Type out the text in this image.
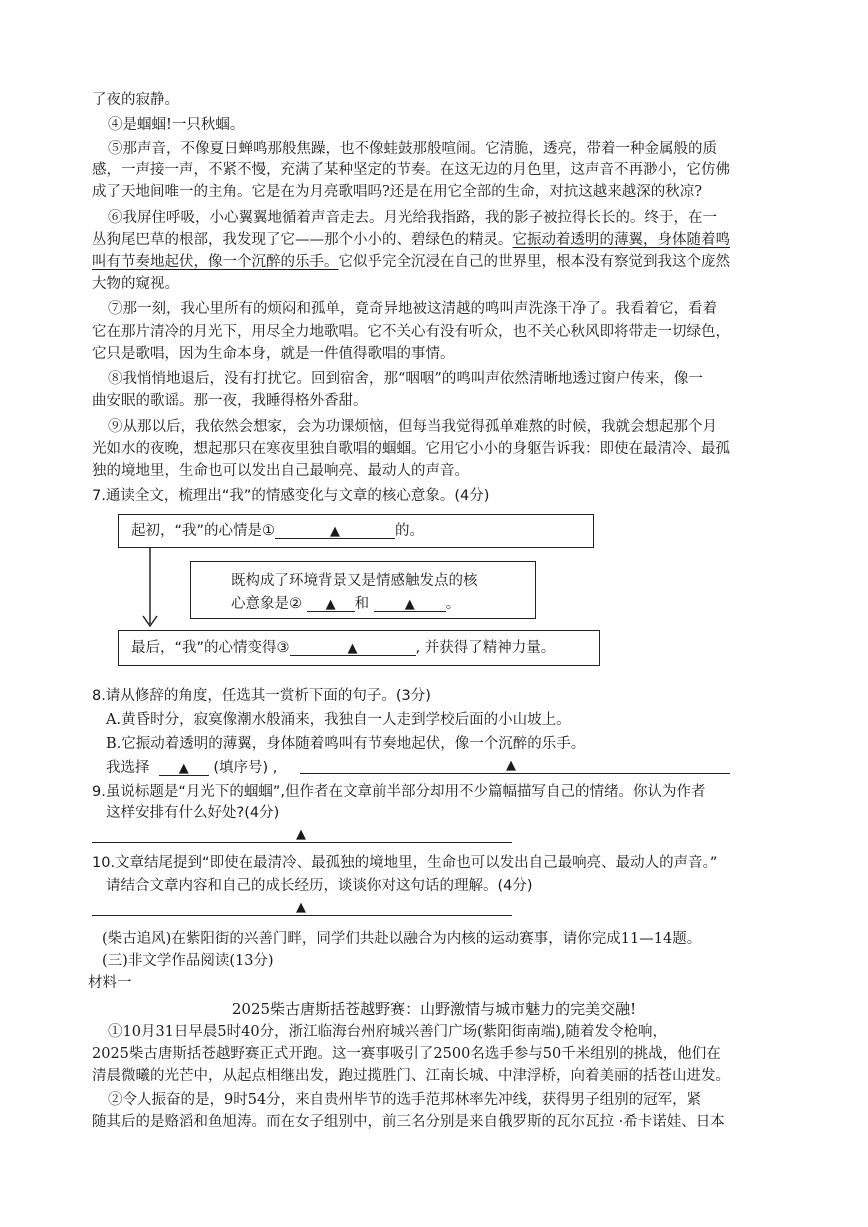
了夜的寂静。
④是蝈蝈!一只秋蝈。
⑤那声音，不像夏日蝉鸣那般焦躁，也不像蛙鼓那般喧闹。它清脆，透亮，带着一种金属般的质
感，一声接一声，不紧不慢，充满了某种坚定的节奏。在这无边的月色里，这声音不再渺小，它仿佛
成了天地间唯一的主角。它是在为月亮歌唱吗?还是在用它全部的生命，对抗这越来越深的秋凉?
⑥我屏住呼吸，小心翼翼地循着声音走去。月光给我指路，我的影子被拉得长长的。终于，在一
丛狗尾巴草的根部，我发现了它——那个小小的、碧绿色的精灵。它振动着透明的薄翼，身体随着鸣
叫有节奏地起伏，像一个沉醉的乐手。它似乎完全沉浸在自己的世界里，根本没有察觉到我这个庞然
大物的窥视。
⑦那一刻，我心里所有的烦闷和孤单，竟奇异地被这清越的鸣叫声洗涤干净了。我看着它，看着
它在那片清冷的月光下，用尽全力地歌唱。它不关心有没有听众，也不关心秋风即将带走一切绿色，
它只是歌唱，因为生命本身，就是一件值得歌唱的事情。
⑧我悄悄地退后，没有打扰它。回到宿舍，那“咽咽”的鸣叫声依然清晰地透过窗户传来，像一
曲安眠的歌谣。那一夜，我睡得格外香甜。
⑨从那以后，我依然会想家，会为功课烦恼，但每当我觉得孤单难熬的时候，我就会想起那个月
光如水的夜晚，想起那只在寒夜里独自歌唱的蝈蝈。它用它小小的身躯告诉我：即使在最清冷、最孤
独的境地里，生命也可以发出自己最响亮、最动人的声音。
7.通读全文，梳理出“我”的情感变化与文章的核心意象。(4分)
起初，“我”的心情是①	▲	的。
既构成了环境背景又是情感触发点的核
心意象是② ▲ 和	▲ 。
最后，“我”的心情变得③	▲	, 并获得了精神力量。
8.请从修辞的角度，任选其一赏析下面的句子。(3分)
A.黄昏时分，寂寞像潮水般涌来，我独自一人走到学校后面的小山坡上。
B.它振动着透明的薄翼，身体随着鸣叫有节奏地起伏，像一个沉醉的乐手。
我选择 ▲ (填序号) ,	▲
9.虽说标题是“月光下的蝈蝈”,但作者在文章前半部分却用不少篇幅描写自己的情绪。你认为作者
这样安排有什么好处?(4分)
▲
10.文章结尾提到“即使在最清冷、最孤独的境地里，生命也可以发出自己最响亮、最动人的声音。”
请结合文章内容和自己的成长经历，谈谈你对这句话的理解。(4分)
▲
(柴古追风)在紫阳街的兴善门畔，同学们共赴以融合为内核的运动赛事，请你完成11—14题。
(三)非文学作品阅读(13分)
材料一
2025柴古唐斯括苍越野赛：山野激情与城市魅力的完美交融!
①10月31日早晨5时40分，浙江临海台州府城兴善门广场(紫阳街南端),随着发令枪响，
2025柴古唐斯括苍越野赛正式开跑。这一赛事吸引了2500名选手参与50千米组别的挑战，他们在
清晨微曦的光芒中，从起点相继出发，跑过揽胜门、江南长城、中津浮桥，向着美丽的括苍山进发。
②令人振奋的是，9时54分，来自贵州毕节的选手范邦林率先冲线，获得男子组别的冠军，紧
随其后的是赂滔和鱼旭涛。而在女子组别中，前三名分别是来自俄罗斯的瓦尔瓦拉 ·希卡诺娃、日本
